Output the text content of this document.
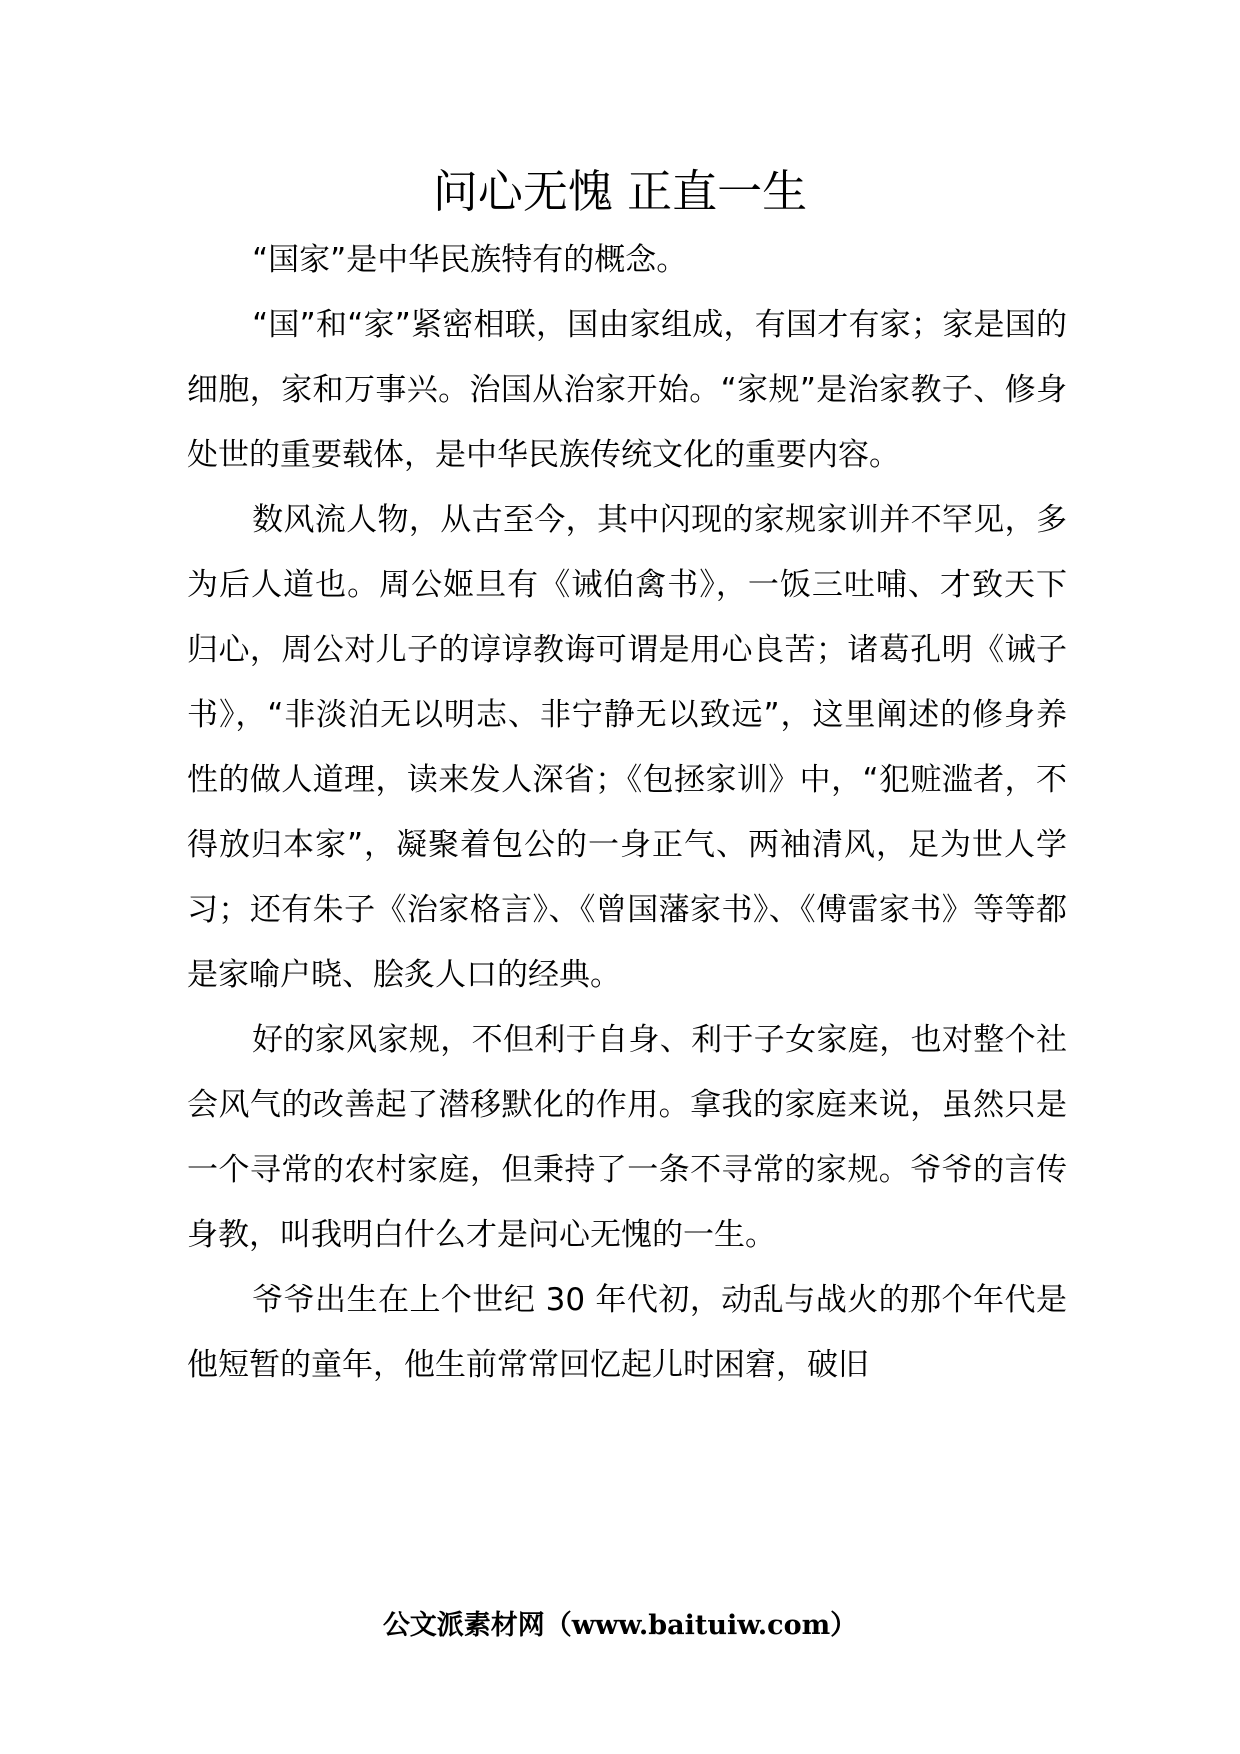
问心无愧 正直一生

“国家”是中华民族特有的概念。

“国”和“家”紧密相联，国由家组成，有国才有家；家是国的细胞，家和万事兴。治国从治家开始。“家规”是治家教子、修身处世的重要载体，是中华民族传统文化的重要内容。

数风流人物，从古至今，其中闪现的家规家训并不罕见，多为后人道也。周公姬旦有《诫伯禽书》，一饭三吐哺、才致天下归心，周公对儿子的谆谆教诲可谓是用心良苦；诸葛孔明《诫子书》，“非淡泊无以明志、非宁静无以致远”，这里阐述的修身养性的做人道理，读来发人深省；《包拯家训》中，“犯赃滥者，不得放归本家”，凝聚着包公的一身正气、两袖清风，足为世人学习；还有朱子《治家格言》、《曾国藩家书》、《傅雷家书》等等都是家喻户晓、脍炙人口的经典。

好的家风家规，不但利于自身、利于子女家庭，也对整个社会风气的改善起了潜移默化的作用。拿我的家庭来说，虽然只是一个寻常的农村家庭，但秉持了一条不寻常的家规。爷爷的言传身教，叫我明白什么才是问心无愧的一生。

爷爷出生在上个世纪 30 年代初，动乱与战火的那个年代是他短暂的童年，他生前常常回忆起儿时困窘，破旧

公文派素材网（www.baituiw.com）
